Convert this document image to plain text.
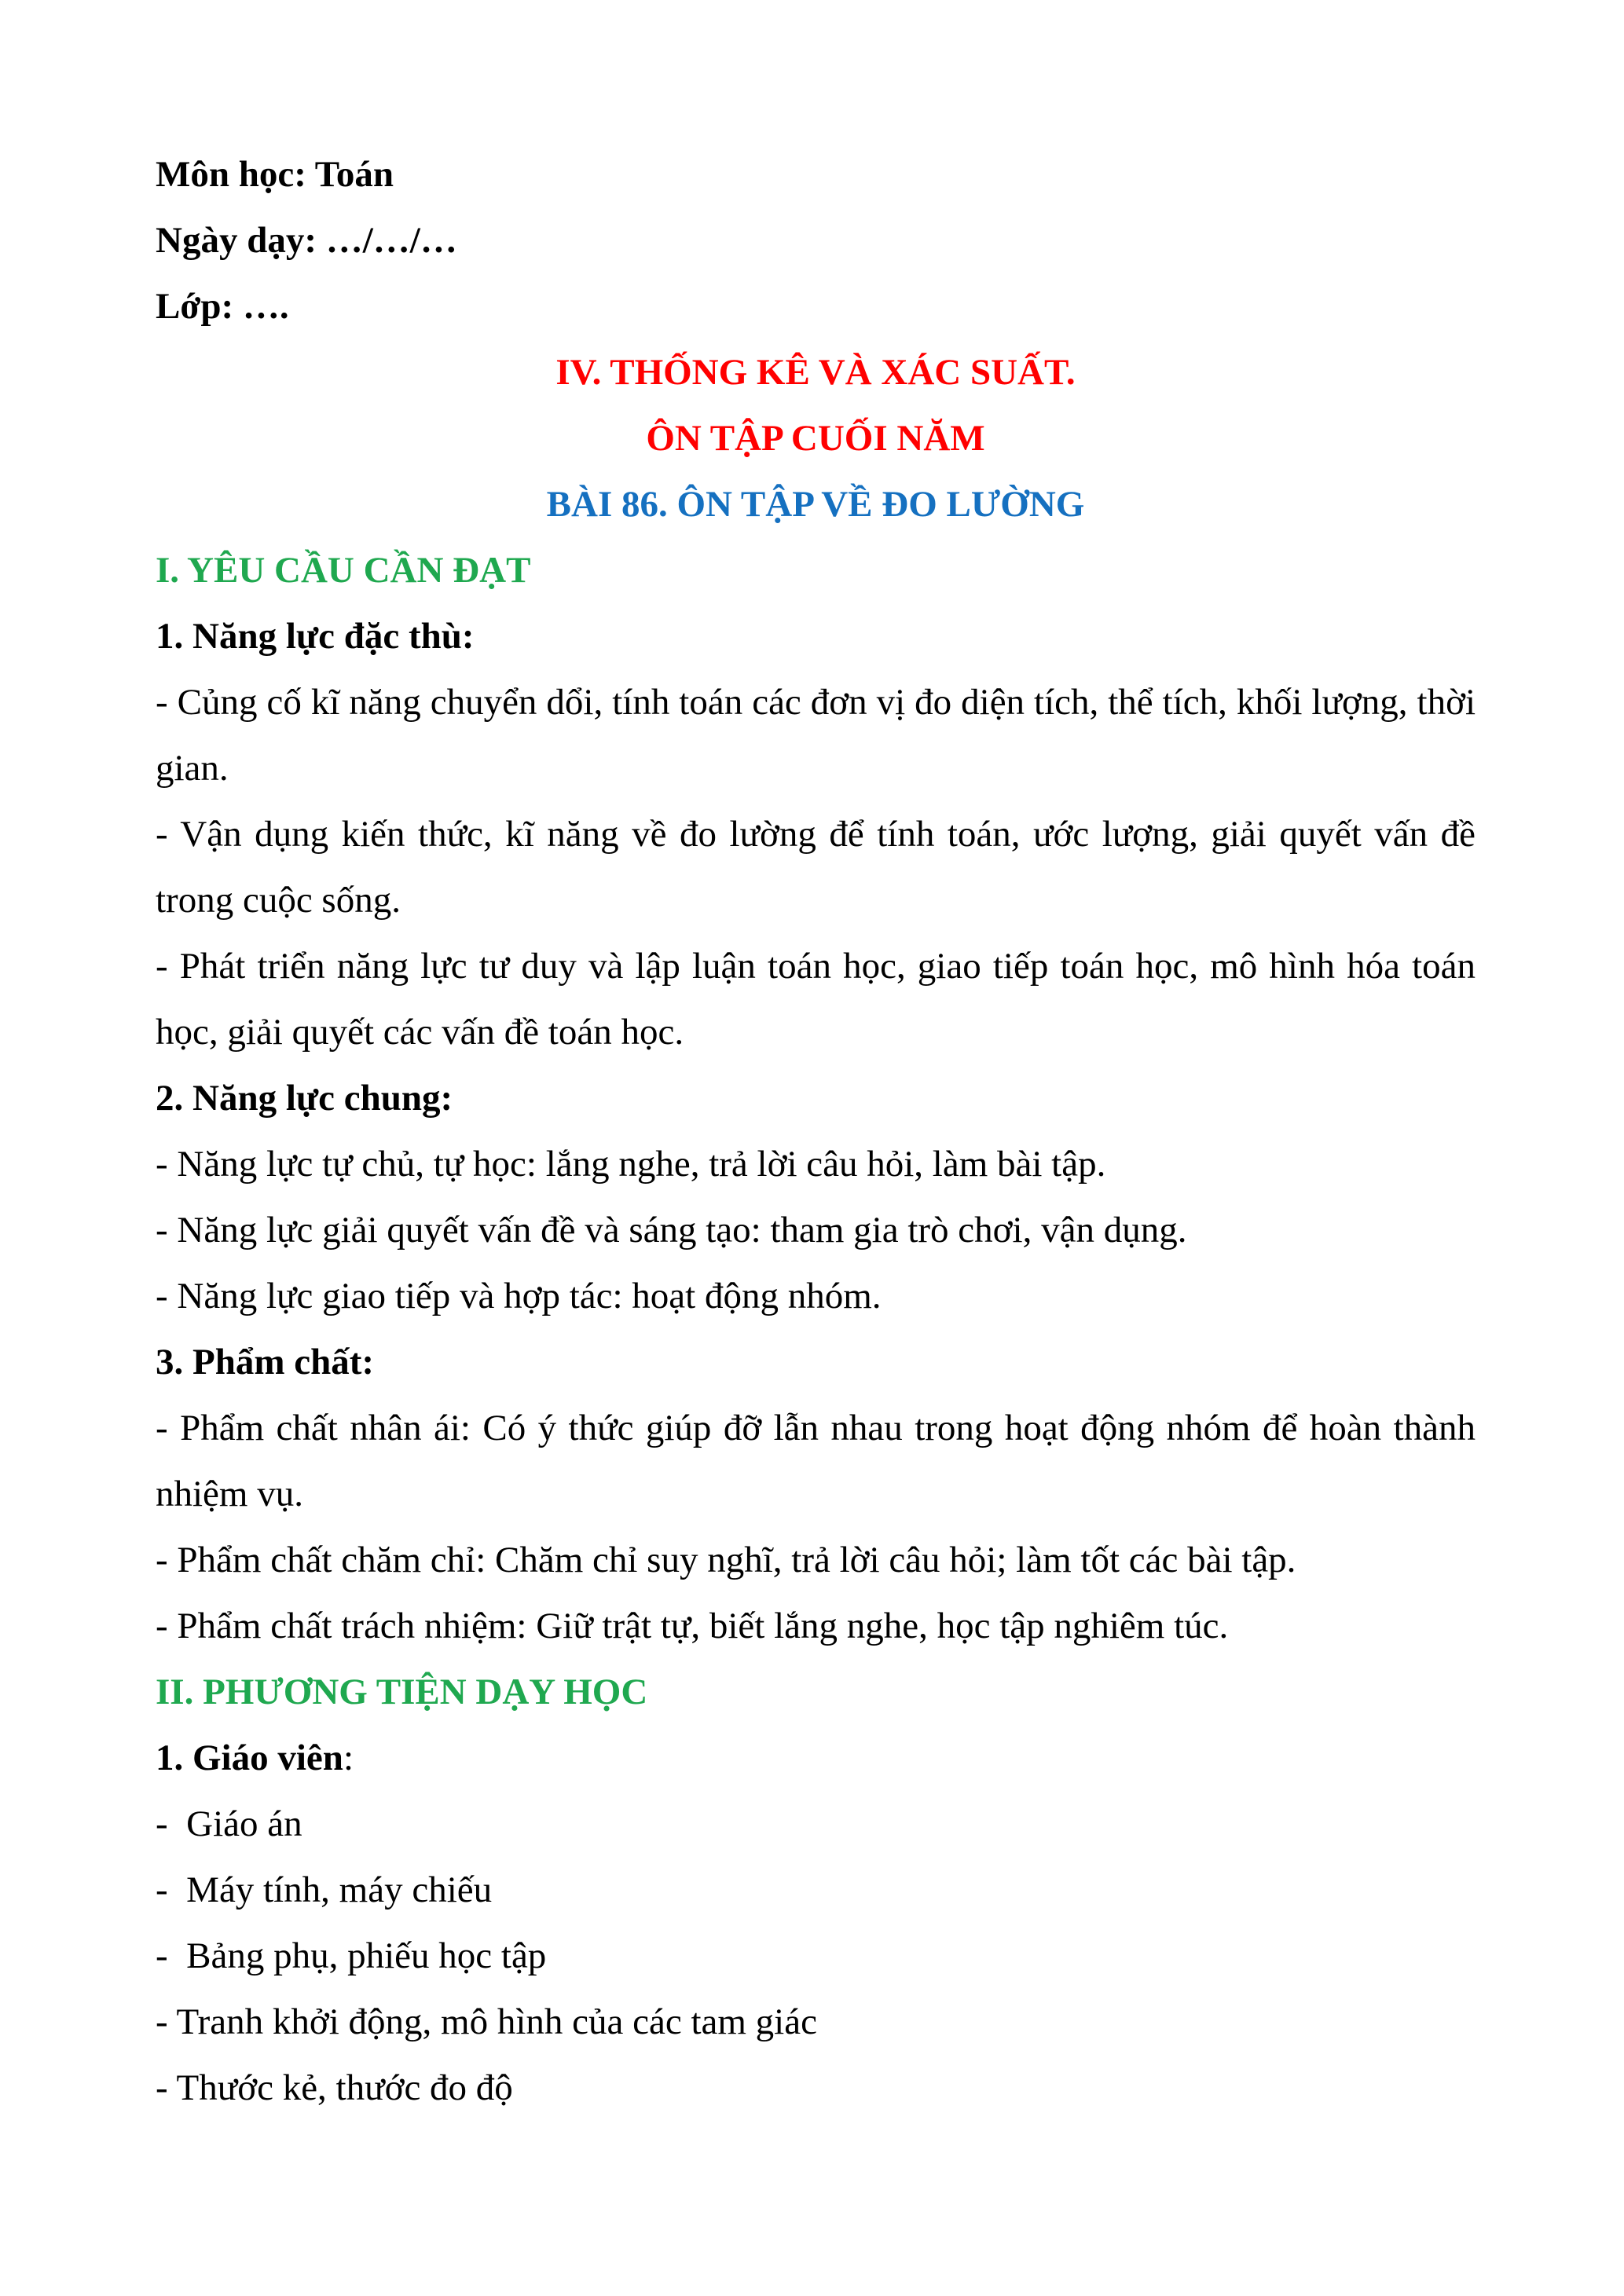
Môn học: Toán
Ngày dạy: …/…/…
Lớp: ….
IV. THỐNG KÊ VÀ XÁC SUẤT.
ÔN TẬP CUỐI NĂM
BÀI 86. ÔN TẬP VỀ ĐO LƯỜNG
I. YÊU CẦU CẦN ĐẠT
1. Năng lực đặc thù:
- Củng cố kĩ năng chuyển dổi, tính toán các đơn vị đo diện tích, thể tích, khối lượng, thời gian.
- Vận dụng kiến thức, kĩ năng về đo lường để tính toán, ước lượng, giải quyết vấn đề trong cuộc sống.
- Phát triển năng lực tư duy và lập luận toán học, giao tiếp toán học, mô hình hóa toán học, giải quyết các vấn đề toán học.
2. Năng lực chung:
- Năng lực tự chủ, tự học: lắng nghe, trả lời câu hỏi, làm bài tập.
- Năng lực giải quyết vấn đề và sáng tạo: tham gia trò chơi, vận dụng.
- Năng lực giao tiếp và hợp tác: hoạt động nhóm.
3. Phẩm chất:
- Phẩm chất nhân ái: Có ý thức giúp đỡ lẫn nhau trong hoạt động nhóm để hoàn thành nhiệm vụ.
- Phẩm chất chăm chỉ: Chăm chỉ suy nghĩ, trả lời câu hỏi; làm tốt các bài tập.
- Phẩm chất trách nhiệm: Giữ trật tự, biết lắng nghe, học tập nghiêm túc.
II. PHƯƠNG TIỆN DẠY HỌC
1. Giáo viên:
-  Giáo án
-  Máy tính, máy chiếu
-  Bảng phụ, phiếu học tập
- Tranh khởi động, mô hình của các tam giác
- Thước kẻ, thước đo độ
